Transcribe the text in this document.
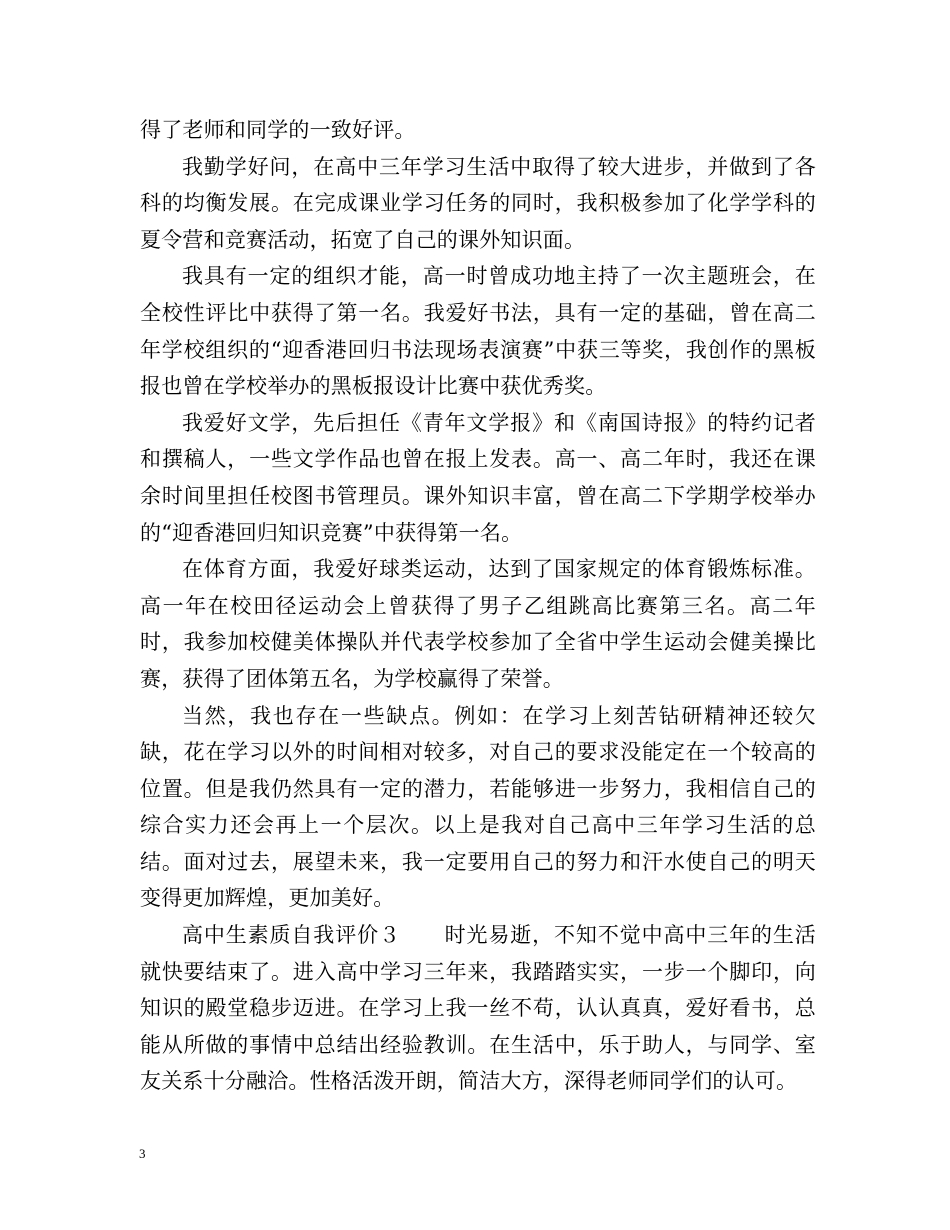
得了老师和同学的一致好评。

我勤学好问，在高中三年学习生活中取得了较大进步，并做到了各科的均衡发展。在完成课业学习任务的同时，我积极参加了化学学科的夏令营和竞赛活动，拓宽了自己的课外知识面。

我具有一定的组织才能，高一时曾成功地主持了一次主题班会，在全校性评比中获得了第一名。我爱好书法，具有一定的基础，曾在高二年学校组织的“迎香港回归书法现场表演赛”中获三等奖，我创作的黑板报也曾在学校举办的黑板报设计比赛中获优秀奖。

我爱好文学，先后担任《青年文学报》和《南国诗报》的特约记者和撰稿人，一些文学作品也曾在报上发表。高一、高二年时，我还在课余时间里担任校图书管理员。课外知识丰富，曾在高二下学期学校举办的“迎香港回归知识竞赛”中获得第一名。

在体育方面，我爱好球类运动，达到了国家规定的体育锻炼标准。高一年在校田径运动会上曾获得了男子乙组跳高比赛第三名。高二年时，我参加校健美体操队并代表学校参加了全省中学生运动会健美操比赛，获得了团体第五名，为学校赢得了荣誉。

当然，我也存在一些缺点。例如：在学习上刻苦钻研精神还较欠缺，花在学习以外的时间相对较多，对自己的要求没能定在一个较高的位置。但是我仍然具有一定的潜力，若能够进一步努力，我相信自己的综合实力还会再上一个层次。以上是我对自己高中三年学习生活的总结。面对过去，展望未来，我一定要用自己的努力和汗水使自己的明天变得更加辉煌，更加美好。

高中生素质自我评价３　　时光易逝，不知不觉中高中三年的生活就快要结束了。进入高中学习三年来，我踏踏实实，一步一个脚印，向知识的殿堂稳步迈进。在学习上我一丝不苟，认认真真，爱好看书，总能从所做的事情中总结出经验教训。在生活中，乐于助人，与同学、室友关系十分融洽。性格活泼开朗，简洁大方，深得老师同学们的认可。

3
